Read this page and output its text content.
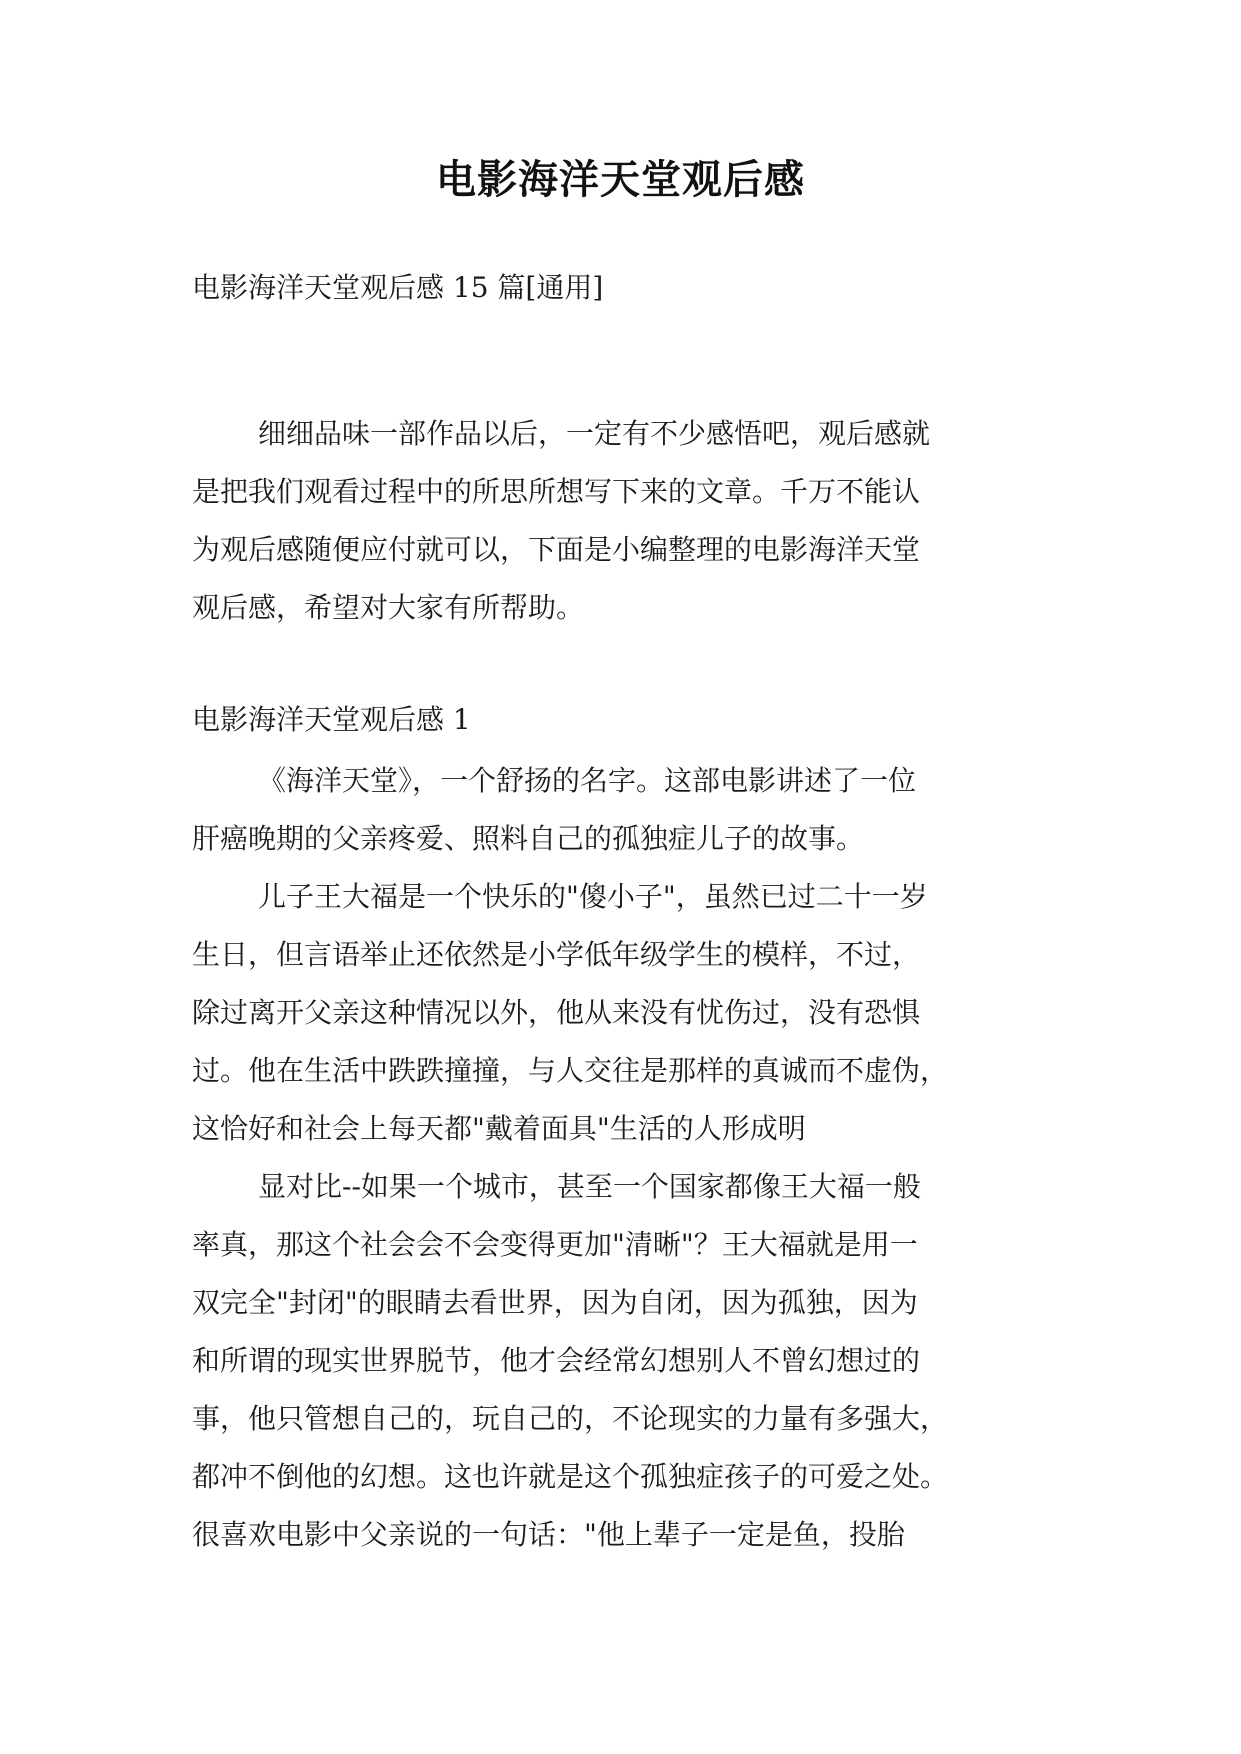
电影海洋天堂观后感
电影海洋天堂观后感 15 篇[通用]
细细品味一部作品以后，一定有不少感悟吧，观后感就
是把我们观看过程中的所思所想写下来的文章。千万不能认
为观后感随便应付就可以，下面是小编整理的电影海洋天堂
观后感，希望对大家有所帮助。
电影海洋天堂观后感 1
《海洋天堂》，一个舒扬的名字。这部电影讲述了一位
肝癌晚期的父亲疼爱、照料自己的孤独症儿子的故事。
儿子王大福是一个快乐的"傻小子"，虽然已过二十一岁
生日，但言语举止还依然是小学低年级学生的模样，不过，
除过离开父亲这种情况以外，他从来没有忧伤过，没有恐惧
过。他在生活中跌跌撞撞，与人交往是那样的真诚而不虚伪，
这恰好和社会上每天都"戴着面具"生活的人形成明
显对比--如果一个城市，甚至一个国家都像王大福一般
率真，那这个社会会不会变得更加"清晰"？王大福就是用一
双完全"封闭"的眼睛去看世界，因为自闭，因为孤独，因为
和所谓的现实世界脱节，他才会经常幻想别人不曾幻想过的
事，他只管想自己的，玩自己的，不论现实的力量有多强大，
都冲不倒他的幻想。这也许就是这个孤独症孩子的可爱之处。
很喜欢电影中父亲说的一句话："他上辈子一定是鱼，投胎
